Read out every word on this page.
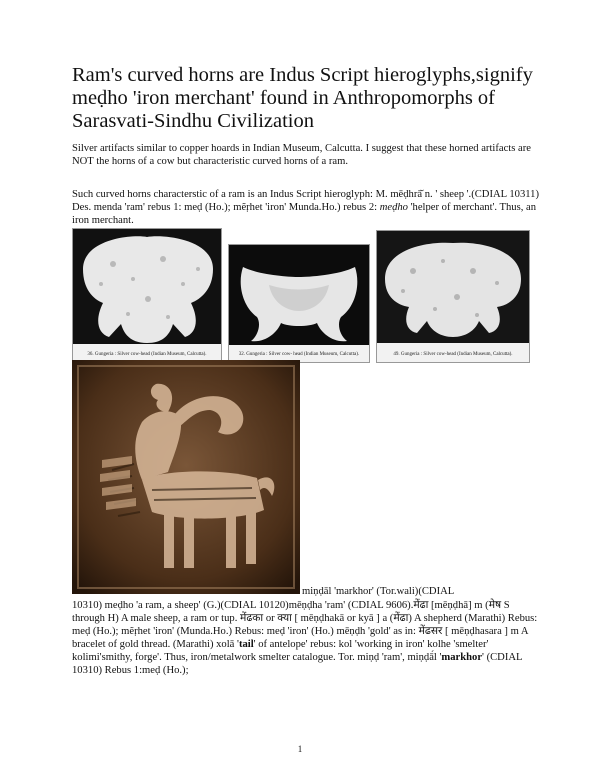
Ram's curved horns are Indus Script hieroglyphs,signify meḍho 'iron merchant' found in Anthropomorphs of Sarasvati-Sindhu Civilization

Silver artifacts similar to copper hoards in Indian Museum, Calcutta. I suggest that these horned artifacts are NOT the horns of a cow but characteristic curved horns of a ram.

Such curved horns characterstic of a ram is an Indus Script hieroglyph: M. mēḍhrā̆ n. ' sheep '.(CDIAL 10311) Des. menda 'ram' rebus 1: meḍ (Ho.); mẽṛhet 'iron' Munda.Ho.) rebus 2: meḍho 'helper of merchant'. Thus, an iron merchant.

36. Gungeria : Silver cow-head (Indian Museum, Calcutta).	32. Gungeria : Silver cow- head (Indian Museum, Calcutta).	49. Gungeria : Silver cow-head (Indian Museum, Calcutta).
miṇḍāl 'markhor' (Tor.wali)(CDIAL

10310) meḍho 'a ram, a sheep' (G.)(CDIAL 10120)mēṇḍha 'ram' (CDIAL 9606).मेंढा [mēṇḍhā] m (मेष S through H) A male sheep, a ram or tup. मेंढका or क्या [ mēṇḍhakā or kyā ] a (मेंढा) A shepherd (Marathi) Rebus: meḍ (Ho.); mẽṛhet 'iron' (Munda.Ho.) Rebus: meḍ 'iron' (Ho.) mēṇḍh 'gold' as in: मेंढसर [ mēṇḍhasara ] m A bracelet of gold thread. (Marathi) xolā 'tail' of antelope' rebus: kol 'working in iron' kolhe 'smelter' kolimi'smithy, forge'. Thus, iron/metalwork smelter catalogue. Tor. miṇḍ 'ram', miṇḍā́l 'markhor' (CDIAL 10310) Rebus 1:meḍ (Ho.);

1
